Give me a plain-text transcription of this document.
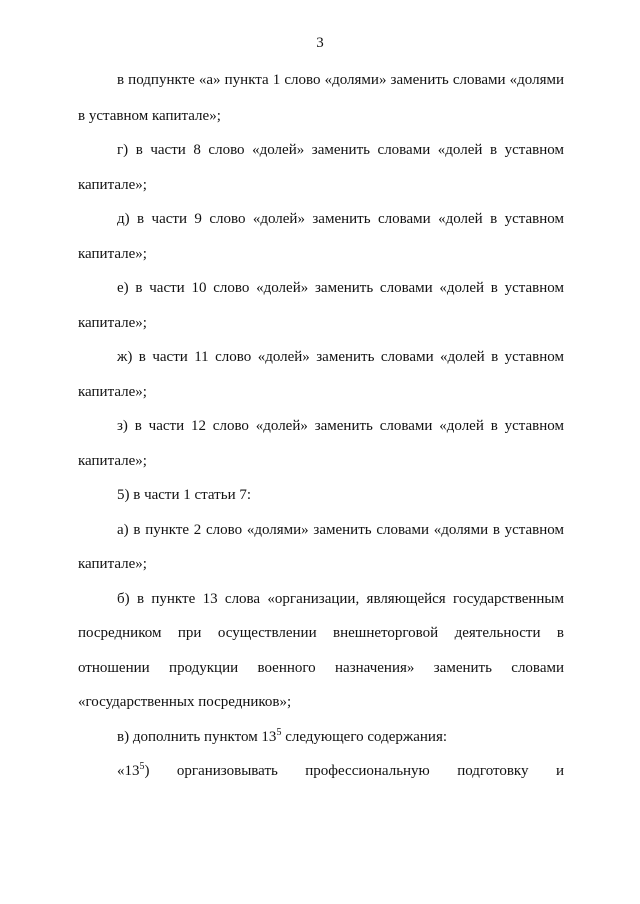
3
в подпункте «а» пункта 1 слово «долями» заменить словами «долями
в уставном капитале»;
г) в части 8 слово «долей» заменить словами «долей в уставном
капитале»;
д) в части 9 слово «долей» заменить словами «долей в уставном
капитале»;
е) в части 10 слово «долей» заменить словами «долей в уставном
капитале»;
ж) в части 11 слово «долей» заменить словами «долей в уставном
капитале»;
з) в части 12 слово «долей» заменить словами «долей в уставном
капитале»;
5) в части 1 статьи 7:
а) в пункте 2 слово «долями» заменить словами «долями в уставном
капитале»;
б) в пункте 13 слова «организации, являющейся государственным
посредником при осуществлении внешнеторговой деятельности в
отношении продукции военного назначения» заменить словами
«государственных посредников»;
в) дополнить пунктом $13^5$ следующего содержания:
«$13^5$) организовывать профессиональную подготовку и
